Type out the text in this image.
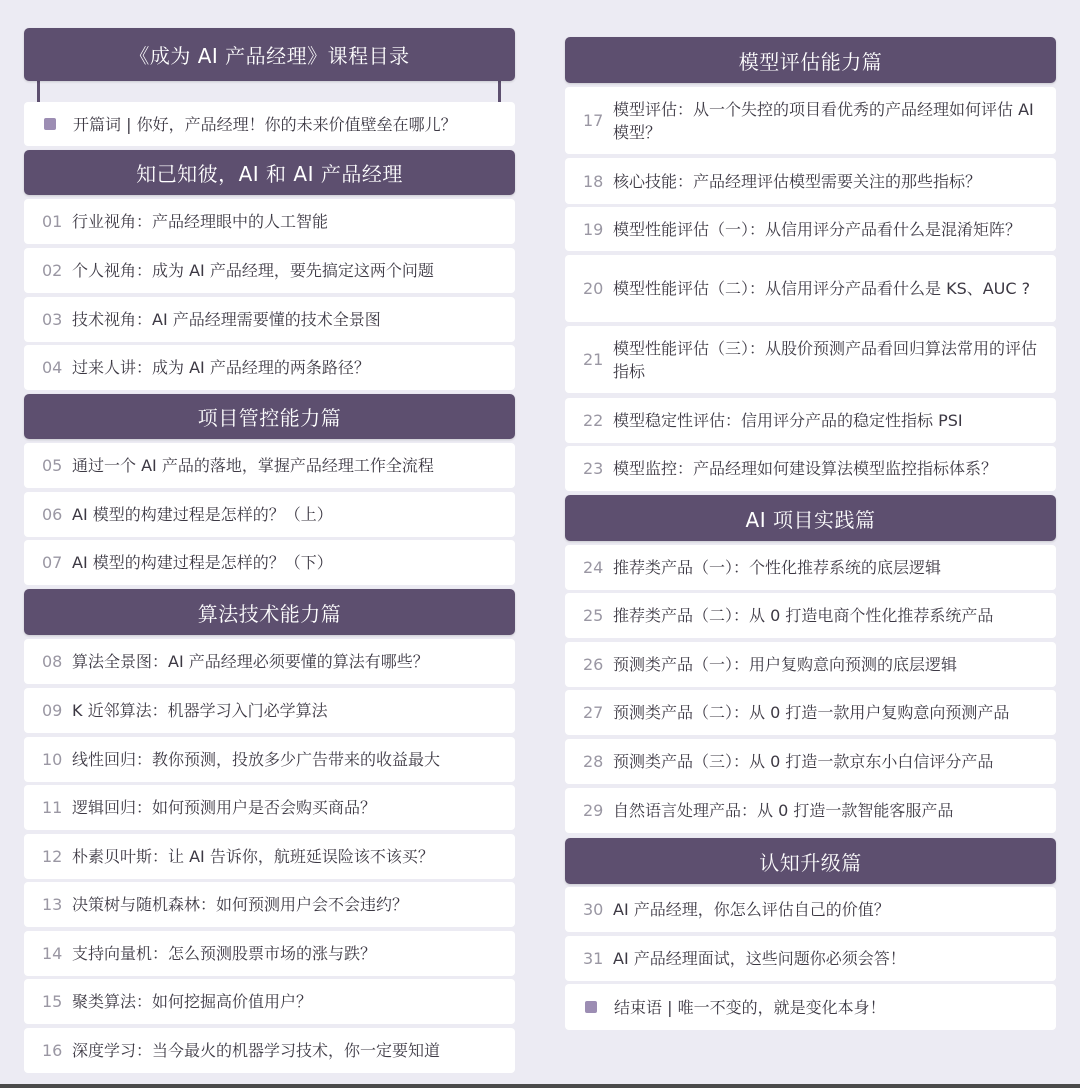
《成为 AI 产品经理》课程目录
开篇词 | 你好，产品经理！你的未来价值壁垒在哪儿？
知己知彼，AI 和 AI 产品经理
01 行业视角：产品经理眼中的人工智能
02 个人视角：成为 AI 产品经理，要先搞定这两个问题
03 技术视角：AI 产品经理需要懂的技术全景图
04 过来人讲：成为 AI 产品经理的两条路径？
项目管控能力篇
05 通过一个 AI 产品的落地，掌握产品经理工作全流程
06 AI 模型的构建过程是怎样的？（上）
07 AI 模型的构建过程是怎样的？（下）
算法技术能力篇
08 算法全景图：AI 产品经理必须要懂的算法有哪些？
09 K 近邻算法：机器学习入门必学算法
10 线性回归：教你预测，投放多少广告带来的收益最大
11 逻辑回归：如何预测用户是否会购买商品？
12 朴素贝叶斯：让 AI 告诉你，航班延误险该不该买？
13 决策树与随机森林：如何预测用户会不会违约？
14 支持向量机：怎么预测股票市场的涨与跌？
15 聚类算法：如何挖掘高价值用户？
16 深度学习：当今最火的机器学习技术，你一定要知道
模型评估能力篇
17
模型评估：从一个失控的项目看优秀的产品经理如何评估 AI 模型？
18 核心技能：产品经理评估模型需要关注的那些指标？
19 模型性能评估（一）：从信用评分产品看什么是混淆矩阵？
20 模型性能评估（二）：从信用评分产品看什么是 KS、AUC ?
21
模型性能评估（三）：从股价预测产品看回归算法常用的评估指标
22 模型稳定性评估：信用评分产品的稳定性指标 PSI
23 模型监控：产品经理如何建设算法模型监控指标体系？
AI 项目实践篇
24 推荐类产品（一）：个性化推荐系统的底层逻辑
25 推荐类产品（二）：从 0 打造电商个性化推荐系统产品
26 预测类产品（一）：用户复购意向预测的底层逻辑
27 预测类产品（二）：从 0 打造一款用户复购意向预测产品
28 预测类产品（三）：从 0 打造一款京东小白信评分产品
29 自然语言处理产品：从 0 打造一款智能客服产品
认知升级篇
30 AI 产品经理，你怎么评估自己的价值？
31 AI 产品经理面试，这些问题你必须会答！
结束语 | 唯一不变的，就是变化本身！
